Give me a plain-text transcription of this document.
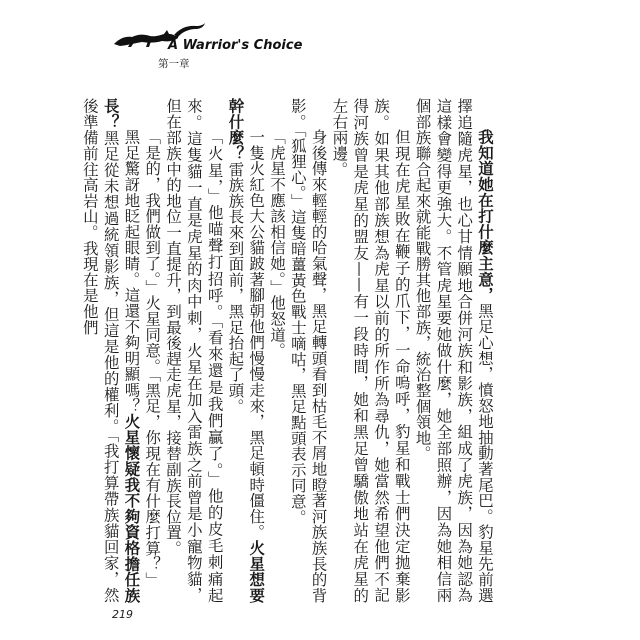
A Warrior's Choice
第一章

我知道她在打什麼主意，黑足心想，憤怒地抽動著尾巴。豹星先前選擇追隨虎星，也心甘情願地合併河族和影族，組成了虎族，因為她認為這樣會變得更強大。不管虎星要她做什麼，她全部照辦，因為她相信兩個部族聯合起來就能戰勝其他部族，統治整個領地。

但現在虎星敗在鞭子的爪下，一命嗚呼，豹星和戰士們決定拋棄影族。如果其他部族想為虎星以前的所作所為尋仇，她當然希望他們不記得河族曾是虎星的盟友——有一段時間，她和黑足曾驕傲地站在虎星的左右兩邊。

身後傳來輕輕的哈氣聲，黑足轉頭看到枯毛不屑地瞪著河族族長的背影。「狐狸心。」這隻暗薑黃色戰士嘀咕，黑足點頭表示同意。

「虎星不應該相信她。」他怒道。

一隻火紅色大公貓跛著腳朝他們慢慢走來，黑足頓時僵住。火星想要幹什麼？雷族族長來到面前，黑足抬起了頭。

「火星，」他喵聲打招呼。「看來還是我們贏了。」他的皮毛刺痛起來。這隻貓一直是虎星的肉中刺，火星在加入雷族之前曾是小寵物貓，但在部族中的地位一直提升，到最後趕走虎星，接替副族長位置。

「是的，我們做到了。」火星同意。「黑足，你現在有什麼打算？」

黑足驚訝地眨起眼睛。這還不夠明顯嗎？火星懷疑我不夠資格擔任族長？黑足從未想過統領影族，但這是他的權利。「我打算帶族貓回家，然後準備前往高岩山。我現在是他們

219
